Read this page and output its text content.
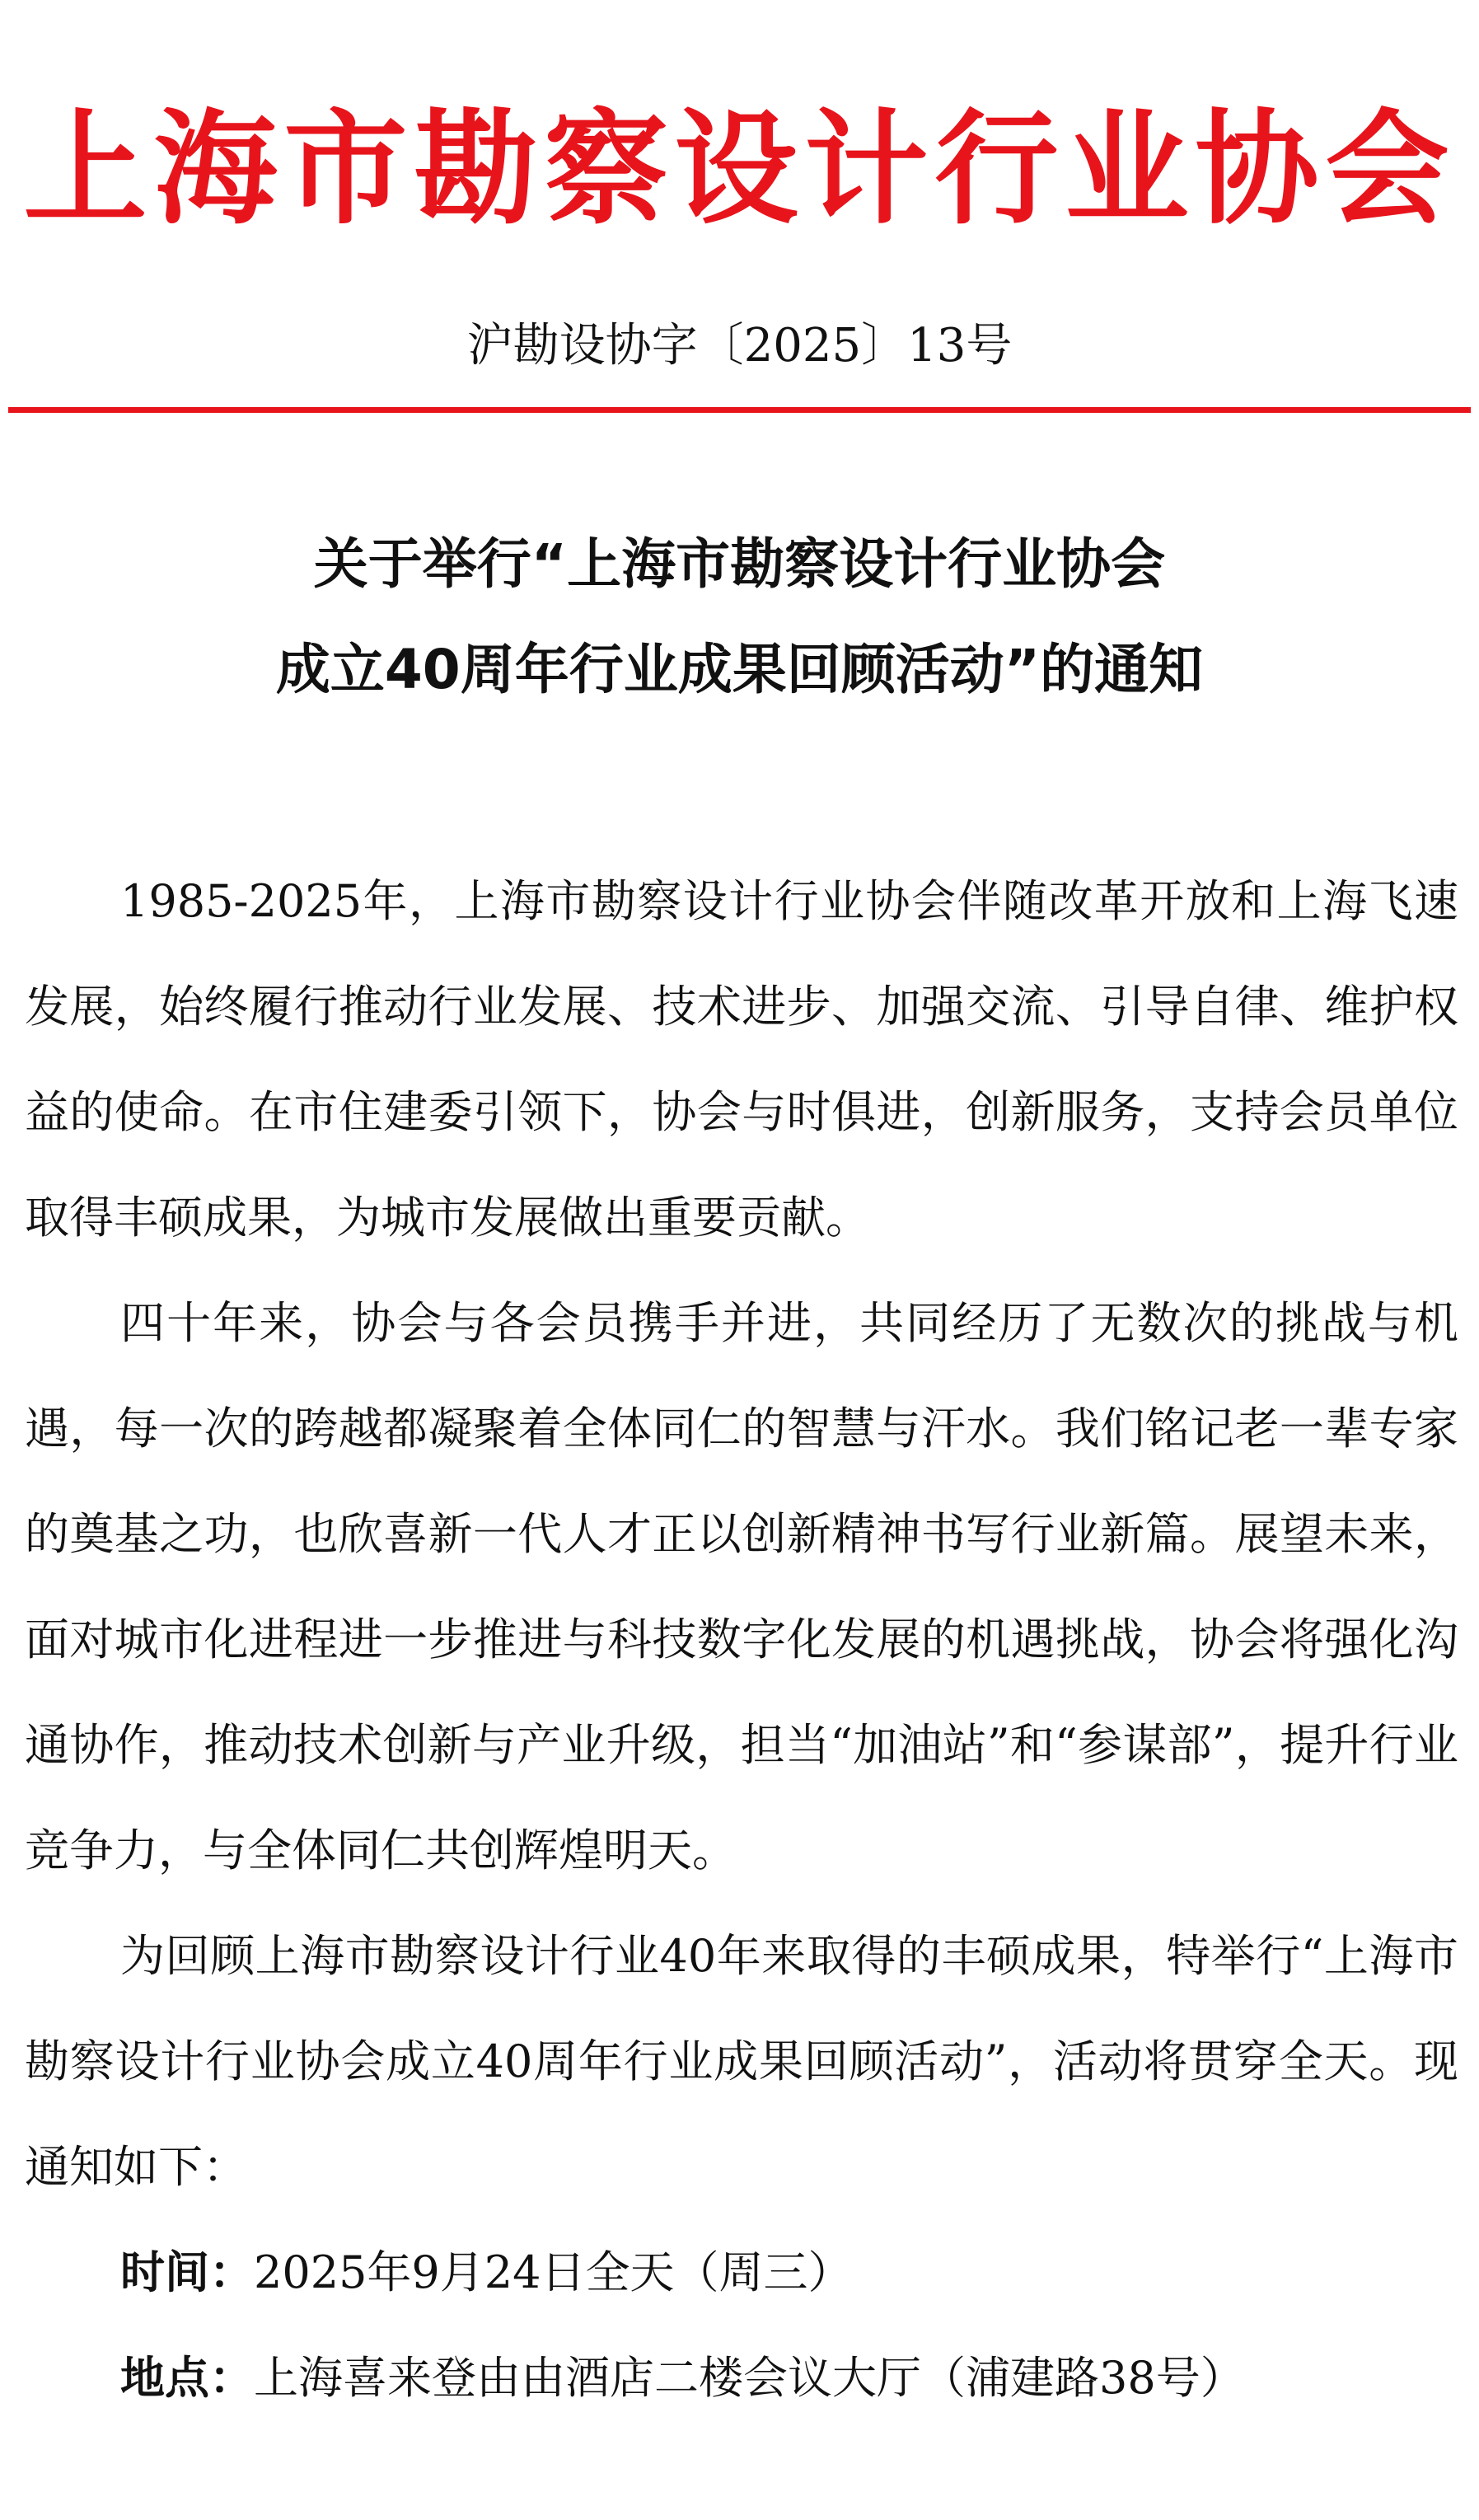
上海市勘察设计行业协会
沪勘设协字〔2025〕13号
关于举行“上海市勘察设计行业协会
成立40周年行业成果回顾活动”的通知

1985-2025年，上海市勘察设计行业协会伴随改革开放和上海飞速发展，始终履行推动行业发展、技术进步、加强交流、引导自律、维护权益的使命。在市住建委引领下，协会与时俱进，创新服务，支持会员单位取得丰硕成果，为城市发展做出重要贡献。

四十年来，协会与各会员携手并进，共同经历了无数次的挑战与机遇，每一次的跨越都凝聚着全体同仁的智慧与汗水。我们铭记老一辈专家的奠基之功，也欣喜新一代人才正以创新精神书写行业新篇。展望未来，面对城市化进程进一步推进与科技数字化发展的机遇挑战，协会将强化沟通协作，推动技术创新与产业升级，担当“加油站”和“参谋部”，提升行业竞争力，与全体同仁共创辉煌明天。

为回顾上海市勘察设计行业40年来取得的丰硕成果，特举行“上海市勘察设计行业协会成立40周年行业成果回顾活动”，活动将贯穿全天。现通知如下：

时间：2025年9月24日全天（周三）

地点：上海喜来登由由酒店二楼会议大厅（浦建路38号）
